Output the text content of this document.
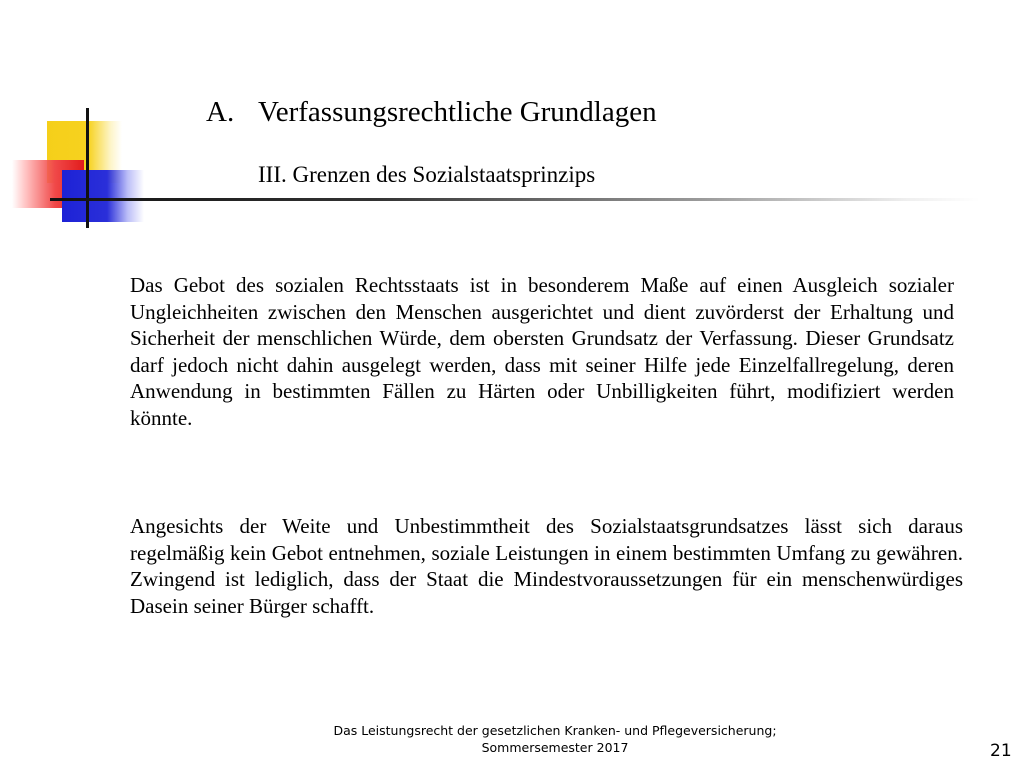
A. Verfassungsrechtliche Grundlagen
III. Grenzen des Sozialstaatsprinzips

Das Gebot des sozialen Rechtsstaats ist in besonderem Maße auf einen Ausgleich sozialer Ungleichheiten zwischen den Menschen ausgerichtet und dient zuvörderst der Erhaltung und Sicherheit der menschlichen Würde, dem obersten Grundsatz der Verfassung. Dieser Grundsatz darf jedoch nicht dahin ausgelegt werden, dass mit seiner Hilfe jede Einzelfallregelung, deren Anwendung in bestimmten Fällen zu Härten oder Unbilligkeiten führt, modifiziert werden könnte.

Angesichts der Weite und Unbestimmtheit des Sozialstaatsgrundsatzes lässt sich daraus regelmäßig kein Gebot entnehmen, soziale Leistungen in einem bestimmten Umfang zu gewähren. Zwingend ist lediglich, dass der Staat die Mindestvoraussetzungen für ein menschenwürdiges Dasein seiner Bürger schafft.

Das Leistungsrecht der gesetzlichen Kranken- und Pflegeversicherung;
Sommersemester 2017	21
